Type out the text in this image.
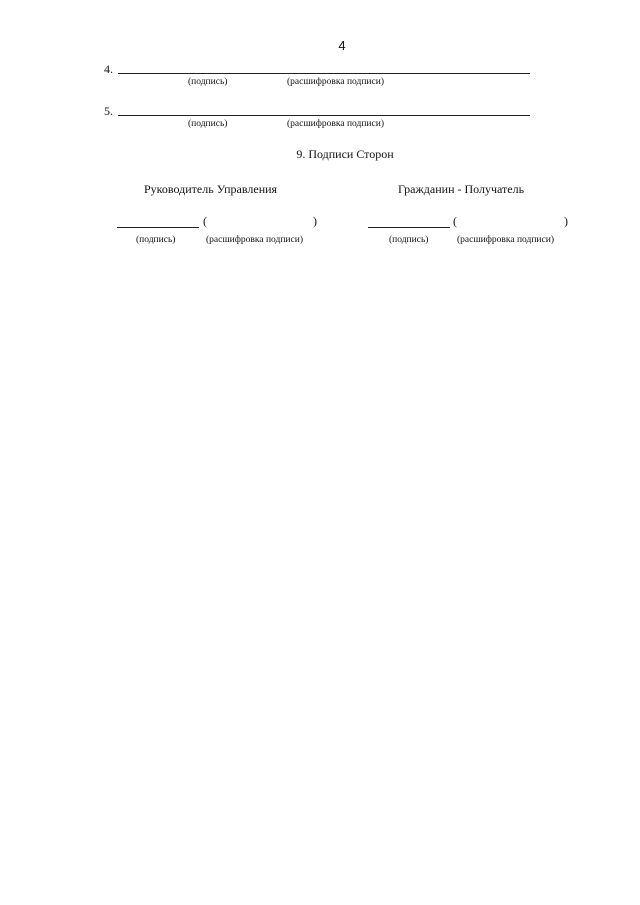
4
4.
(подпись)	(расшифровка подписи)
5.
(подпись)	(расшифровка подписи)
9. Подписи Сторон
Руководитель Управления
(	)
(подпись)	(расшифровка подписи)
Гражданин - Получатель
(	)
(подпись)	(расшифровка подписи)
